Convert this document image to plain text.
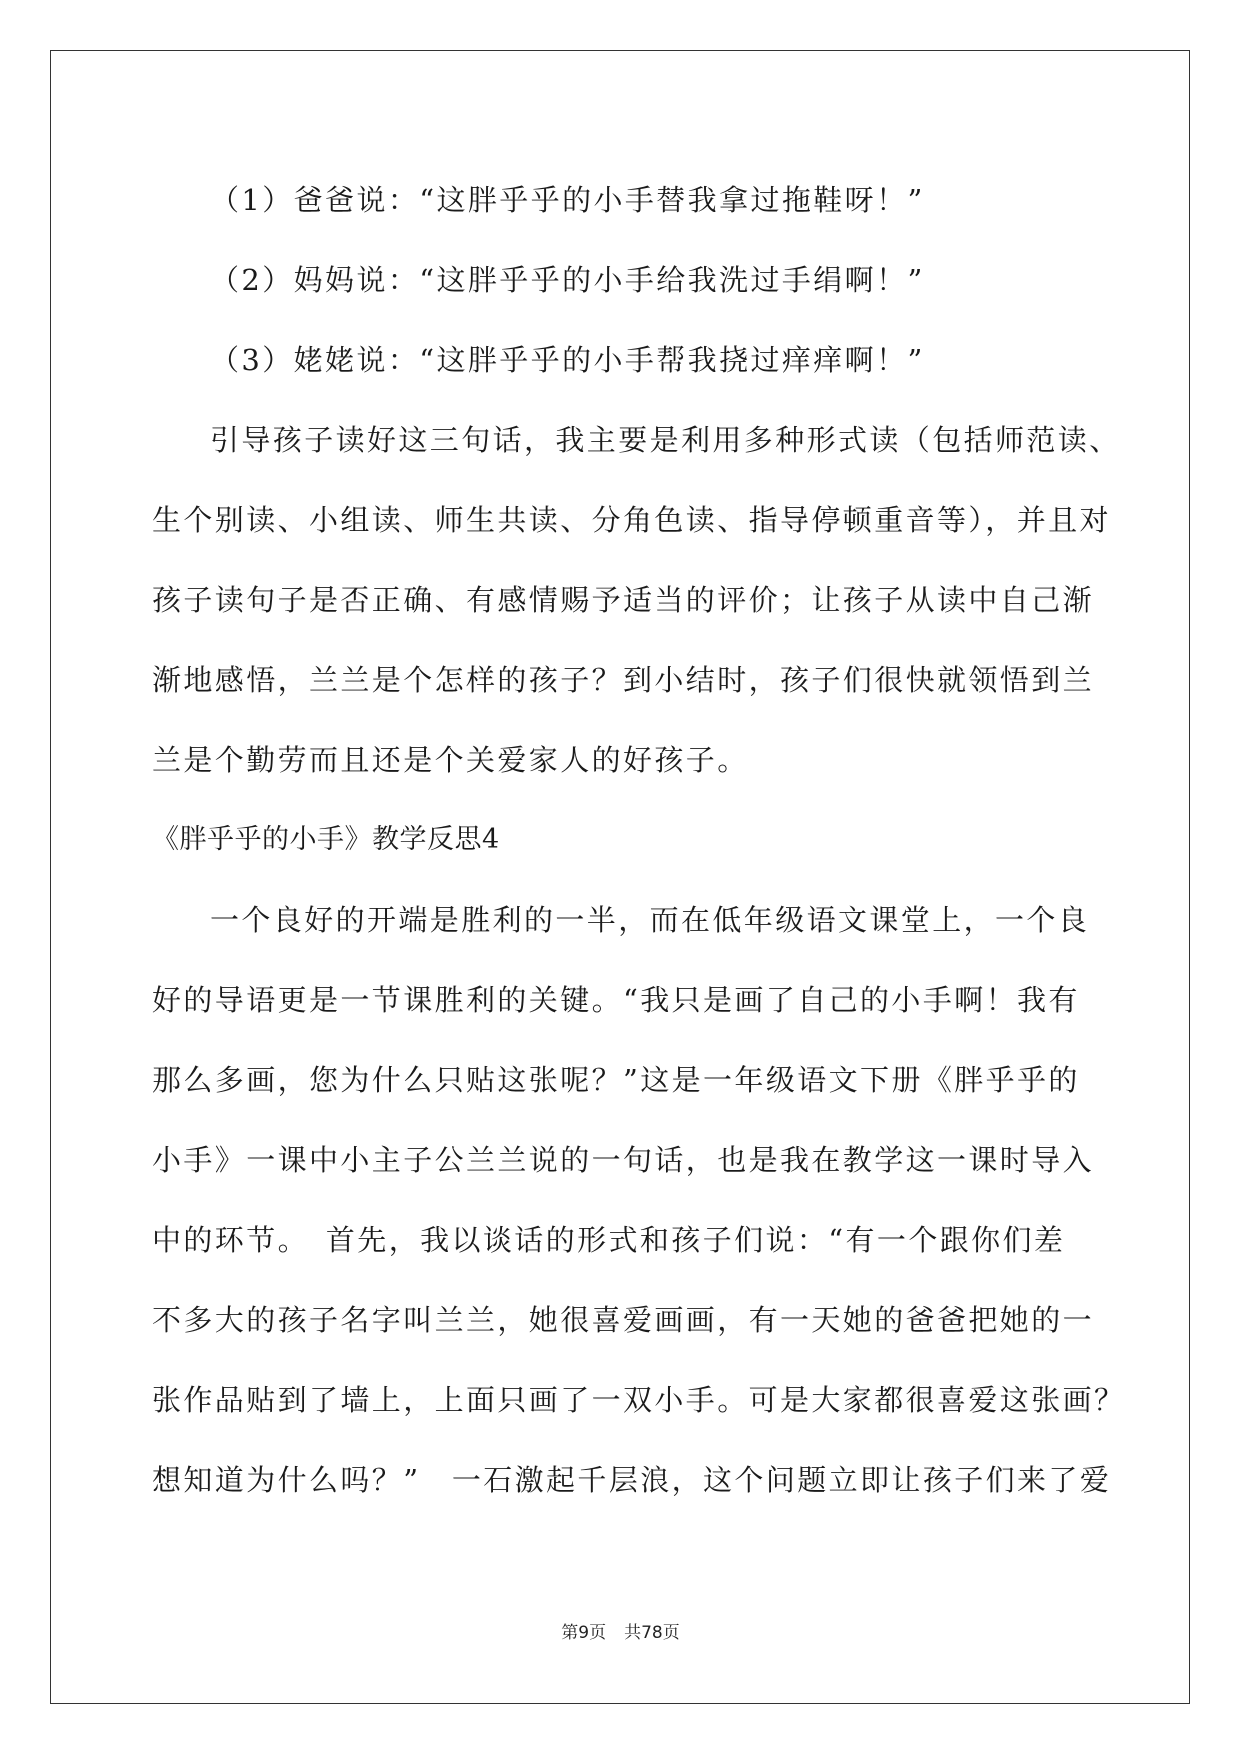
（1）爸爸说：“这胖乎乎的小手替我拿过拖鞋呀！”
（2）妈妈说：“这胖乎乎的小手给我洗过手绢啊！”
（3）姥姥说：“这胖乎乎的小手帮我挠过痒痒啊！”
引导孩子读好这三句话，我主要是利用多种形式读（包括师范读、
生个别读、小组读、师生共读、分角色读、指导停顿重音等），并且对
孩子读句子是否正确、有感情赐予适当的评价；让孩子从读中自己渐
渐地感悟，兰兰是个怎样的孩子？到小结时，孩子们很快就领悟到兰
兰是个勤劳而且还是个关爱家人的好孩子。
《胖乎乎的小手》教学反思4
一个良好的开端是胜利的一半，而在低年级语文课堂上，一个良
好的导语更是一节课胜利的关键。“我只是画了自己的小手啊！我有
那么多画，您为什么只贴这张呢？”这是一年级语文下册《胖乎乎的
小手》一课中小主子公兰兰说的一句话，也是我在教学这一课时导入
中的环节。　首先，我以谈话的形式和孩子们说：“有一个跟你们差
不多大的孩子名字叫兰兰，她很喜爱画画，有一天她的爸爸把她的一
张作品贴到了墙上，上面只画了一双小手。可是大家都很喜爱这张画？
想知道为什么吗？”　一石激起千层浪，这个问题立即让孩子们来了爱
第9页 共78页
